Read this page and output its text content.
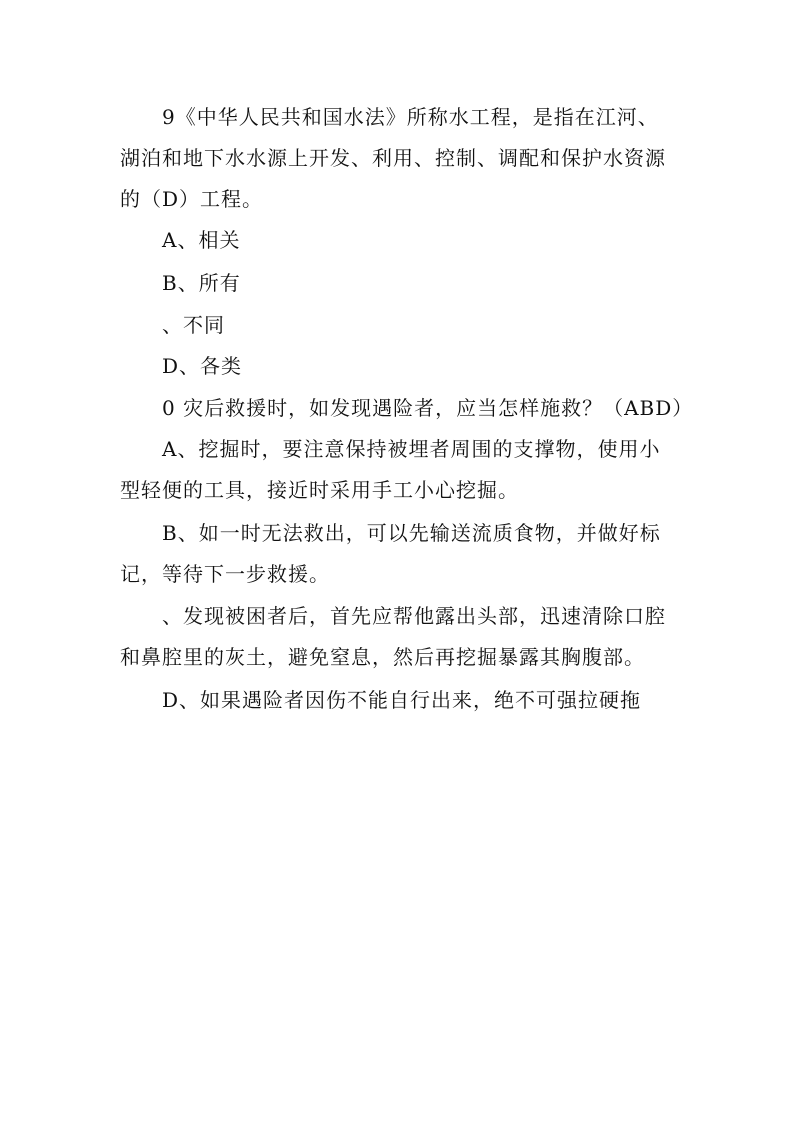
9《中华人民共和国水法》所称水工程，是指在江河、
湖泊和地下水水源上开发、利用、控制、调配和保护水资源
的（D）工程。
A、相关
B、所有
、不同
D、各类
0 灾后救援时，如发现遇险者，应当怎样施救？（ABD）
A、挖掘时，要注意保持被埋者周围的支撑物，使用小
型轻便的工具，接近时采用手工小心挖掘。
B、如一时无法救出，可以先输送流质食物，并做好标
记，等待下一步救援。
、发现被困者后，首先应帮他露出头部，迅速清除口腔
和鼻腔里的灰土，避免窒息，然后再挖掘暴露其胸腹部。
D、如果遇险者因伤不能自行出来，绝不可强拉硬拖
